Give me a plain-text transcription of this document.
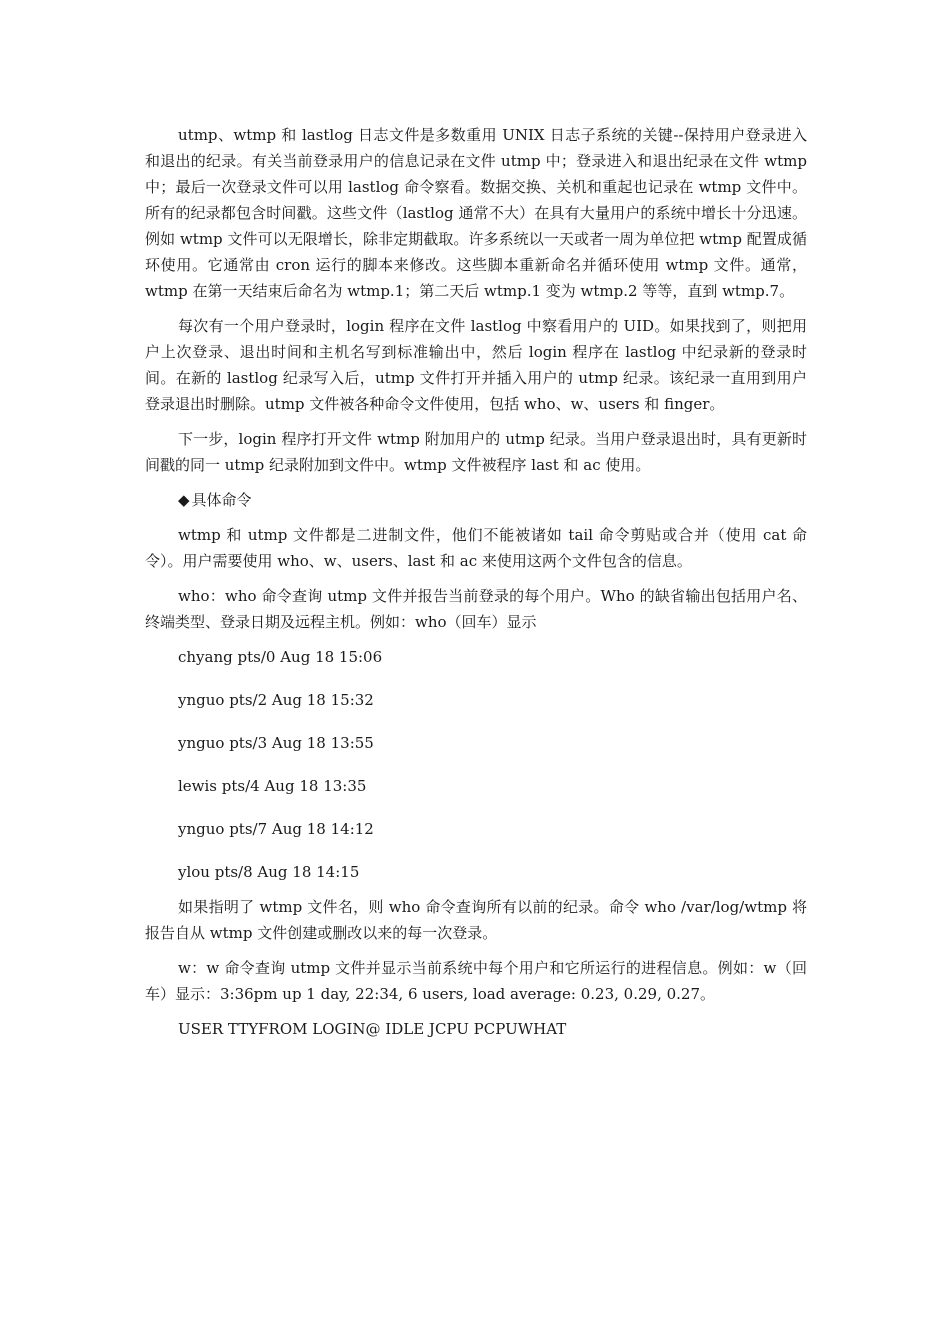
utmp、wtmp 和 lastlog 日志文件是多数重用 UNIX 日志子系统的关键--保持用户登录进入和退出的纪录。有关当前登录用户的信息记录在文件 utmp 中；登录进入和退出纪录在文件 wtmp 中；最后一次登录文件可以用 lastlog 命令察看。数据交换、关机和重起也记录在 wtmp 文件中。所有的纪录都包含时间戳。这些文件（lastlog 通常不大）在具有大量用户的系统中增长十分迅速。例如 wtmp 文件可以无限增长，除非定期截取。许多系统以一天或者一周为单位把 wtmp 配置成循环使用。它通常由 cron 运行的脚本来修改。这些脚本重新命名并循环使用 wtmp 文件。通常，wtmp 在第一天结束后命名为 wtmp.1；第二天后 wtmp.1 变为 wtmp.2 等等，直到 wtmp.7。

每次有一个用户登录时，login 程序在文件 lastlog 中察看用户的 UID。如果找到了，则把用户上次登录、退出时间和主机名写到标准输出中，然后 login 程序在 lastlog 中纪录新的登录时间。在新的 lastlog 纪录写入后，utmp 文件打开并插入用户的 utmp 纪录。该纪录一直用到用户登录退出时删除。utmp 文件被各种命令文件使用，包括 who、w、users 和 finger。

下一步，login 程序打开文件 wtmp 附加用户的 utmp 纪录。当用户登录退出时，具有更新时间戳的同一 utmp 纪录附加到文件中。wtmp 文件被程序 last 和 ac 使用。

◆ 具体命令

wtmp 和 utmp 文件都是二进制文件，他们不能被诸如 tail 命令剪贴或合并（使用 cat 命令）。用户需要使用 who、w、users、last 和 ac 来使用这两个文件包含的信息。

who：who 命令查询 utmp 文件并报告当前登录的每个用户。Who 的缺省输出包括用户名、终端类型、登录日期及远程主机。例如：who（回车）显示

chyang pts/0 Aug 18 15:06
ynguo pts/2 Aug 18 15:32
ynguo pts/3 Aug 18 13:55
lewis pts/4 Aug 18 13:35
ynguo pts/7 Aug 18 14:12
ylou pts/8 Aug 18 14:15

如果指明了 wtmp 文件名，则 who 命令查询所有以前的纪录。命令 who /var/log/wtmp 将报告自从 wtmp 文件创建或删改以来的每一次登录。

w：w 命令查询 utmp 文件并显示当前系统中每个用户和它所运行的进程信息。例如：w（回车）显示：3:36pm up 1 day, 22:34, 6 users, load average: 0.23, 0.29, 0.27。

USER TTYFROM LOGIN@ IDLE JCPU PCPUWHAT
